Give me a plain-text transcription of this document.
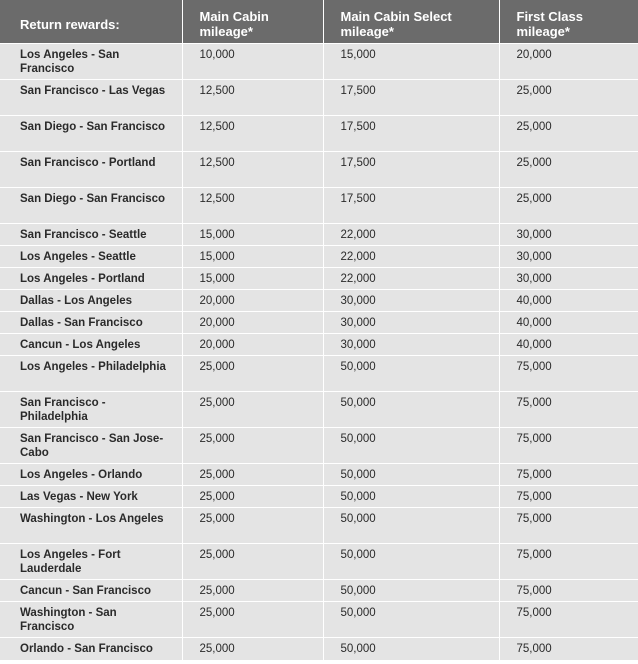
Return rewards:	Main Cabin mileage*	Main Cabin Select mileage*	First Class mileage*
Los Angeles - San Francisco	10,000	15,000	20,000
San Francisco - Las Vegas	12,500	17,500	25,000
San Diego - San Francisco	12,500	17,500	25,000
San Francisco - Portland	12,500	17,500	25,000
San Diego - San Francisco	12,500	17,500	25,000
San Francisco - Seattle	15,000	22,000	30,000
Los Angeles - Seattle	15,000	22,000	30,000
Los Angeles - Portland	15,000	22,000	30,000
Dallas - Los Angeles	20,000	30,000	40,000
Dallas - San Francisco	20,000	30,000	40,000
Cancun - Los Angeles	20,000	30,000	40,000
Los Angeles - Philadelphia	25,000	50,000	75,000
San Francisco - Philadelphia	25,000	50,000	75,000
San Francisco - San Jose-Cabo	25,000	50,000	75,000
Los Angeles - Orlando	25,000	50,000	75,000
Las Vegas - New York	25,000	50,000	75,000
Washington - Los Angeles	25,000	50,000	75,000
Los Angeles - Fort Lauderdale	25,000	50,000	75,000
Cancun - San Francisco	25,000	50,000	75,000
Washington - San Francisco	25,000	50,000	75,000
Orlando - San Francisco	25,000	50,000	75,000
